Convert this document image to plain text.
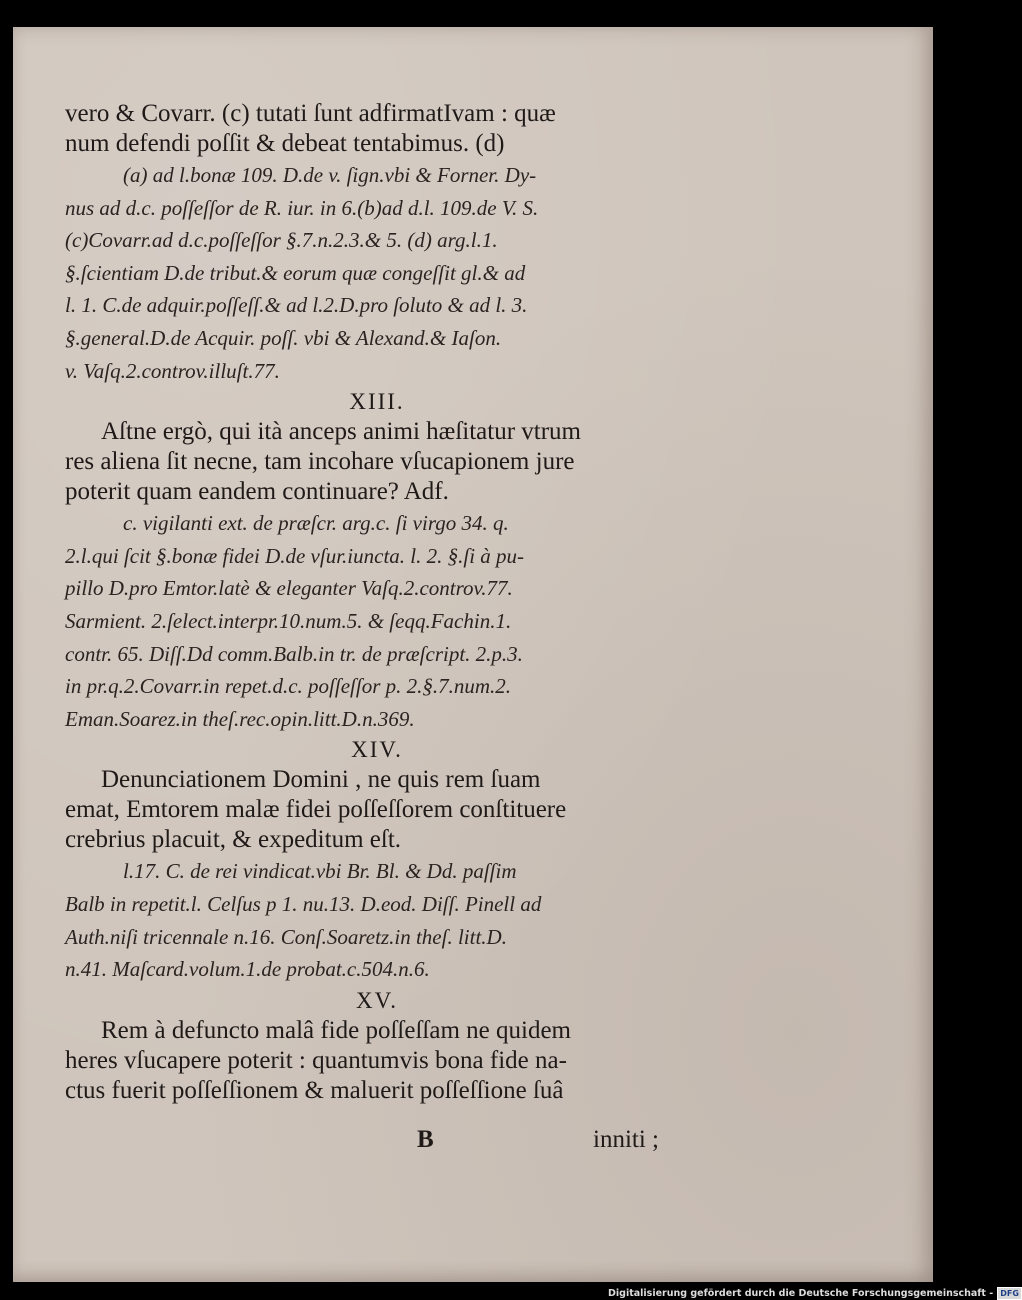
vero & Covarr. (c) tutati ſunt adfirmatIvam : quæ
num defendi poſſit & debeat tentabimus. (d)
(a) ad l.bonæ 109. D.de v. ſign.vbi & Forner. Dy-
nus ad d.c. poſſeſſor de R. iur. in 6.(b)ad d.l. 109.de V. S.
(c)Covarr.ad d.c.poſſeſſor §.7.n.2.3.& 5. (d) arg.l.1.
§.ſcientiam D.de tribut.& eorum quæ congeſſit gl.& ad
l. 1. C.de adquir.poſſeſſ.& ad l.2.D.pro ſoluto & ad l. 3.
§.general.D.de Acquir. poſſ. vbi & Alexand.& Iaſon.
v. Vaſq.2.controv.illuſt.77.
XIII.
Aſtne ergò, qui ità anceps animi hæſitatur vtrum
res aliena ſit necne, tam incohare vſucapionem jure
poterit quam eandem continuare? Adf.
c. vigilanti ext. de præſcr. arg.c. ſi virgo 34. q.
2.l.qui ſcit §.bonæ fidei D.de vſur.iuncta. l. 2. §.ſi à pu-
pillo D.pro Emtor.latè & eleganter Vaſq.2.controv.77.
Sarmient. 2.ſelect.interpr.10.num.5. & ſeqq.Fachin.1.
contr. 65. Diſſ.Dd comm.Balb.in tr. de præſcript. 2.p.3.
in pr.q.2.Covarr.in repet.d.c. poſſeſſor p. 2.§.7.num.2.
Eman.Soarez.in theſ.rec.opin.litt.D.n.369.
XIV.
Denunciationem Domini , ne quis rem ſuam
emat, Emtorem malæ fidei poſſeſſorem conſtituere
crebrius placuit, & expeditum eſt.
l.17. C. de rei vindicat.vbi Br. Bl. & Dd. paſſim
Balb in repetit.l. Celſus p 1. nu.13. D.eod. Diſſ. Pinell ad
Auth.niſi tricennale n.16. Conſ.Soaretz.in theſ. litt.D.
n.41. Maſcard.volum.1.de probat.c.504.n.6.
XV.
Rem à defuncto malâ fide poſſeſſam ne quidem
heres vſucapere poterit : quantumvis bona fide na-
ctus fuerit poſſeſſionem & maluerit poſſeſſione ſuâ
B	inniti ;
Digitalisierung gefördert durch die Deutsche Forschungsgemeinschaft - DFG
